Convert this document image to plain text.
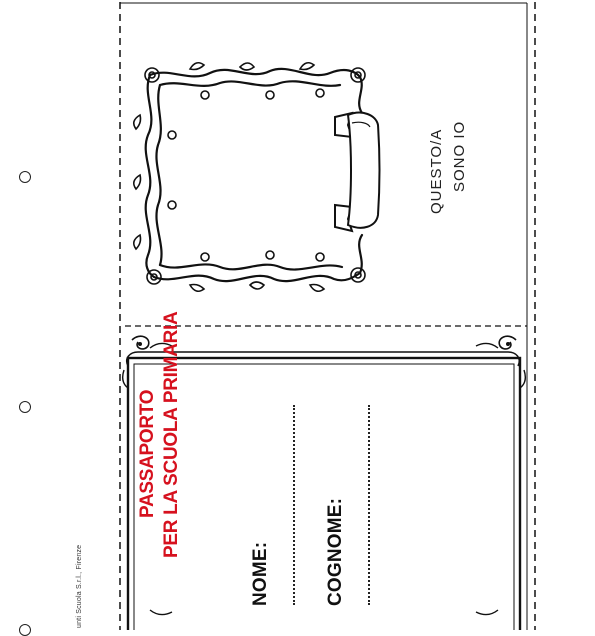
QUESTO/A SONO IO
PASSAPORTO PER LA SCUOLA PRIMARIA
NOME:	COGNOME:
unti Scuola S.r.l., Firenze
